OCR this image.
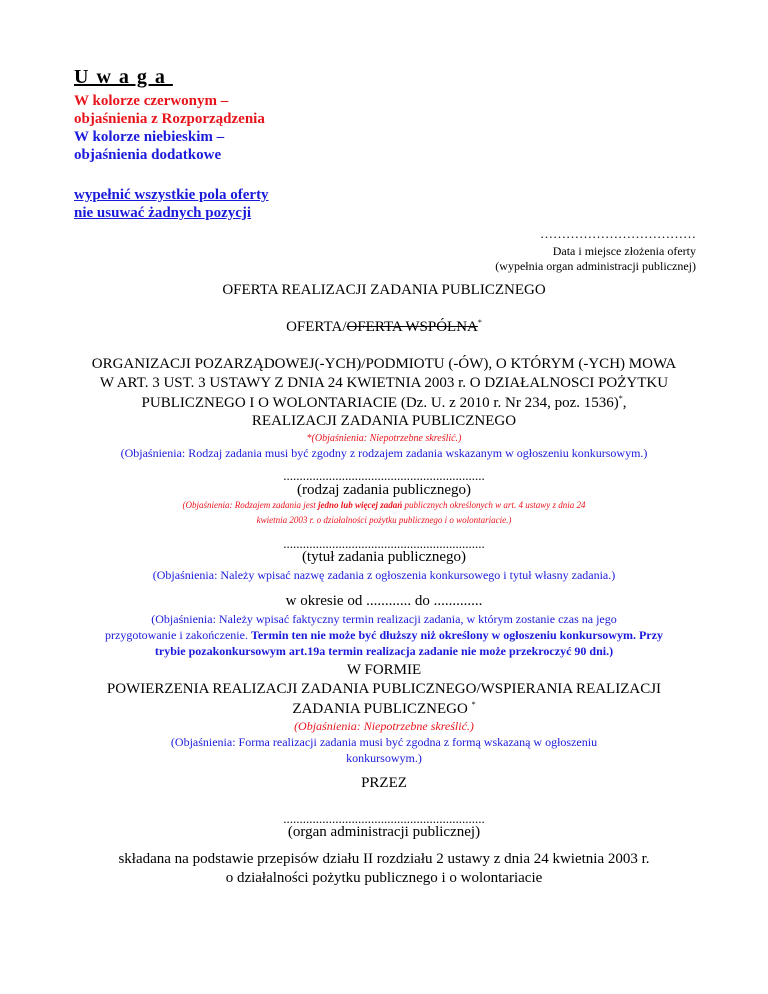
Uwaga
W kolorze czerwonym –
objaśnienia z Rozporządzenia
W kolorze niebieskim –
objaśnienia dodatkowe
wypełnić wszystkie pola oferty
nie usuwać żadnych pozycji
………………………………
Data i miejsce złożenia oferty
(wypełnia organ administracji publicznej)
OFERTA REALIZACJI ZADANIA PUBLICZNEGO
OFERTA/OFERTA WSPÓLNA*
ORGANIZACJI POZARZĄDOWEJ(-YCH)/PODMIOTU (-ÓW), O KTÓRYM (-YCH) MOWA
W ART. 3 UST. 3 USTAWY Z DNIA 24 KWIETNIA 2003 r. O DZIAŁALNOSCI POŻYTKU
PUBLICZNEGO I O WOLONTARIACIE (Dz. U. z 2010 r. Nr 234, poz. 1536)*,
REALIZACJI ZADANIA PUBLICZNEGO
*(Objaśnienia: Niepotrzebne skreślić.)
(Objaśnienia: Rodzaj zadania musi być zgodny z rodzajem zadania wskazanym w ogłoszeniu konkursowym.)
..............................................................
(rodzaj zadania publicznego)
(Objaśnienia: Rodzajem zadania jest jedno lub więcej zadań publicznych określonych w art. 4 ustawy z dnia 24
kwietnia 2003 r. o działalności pożytku publicznego i o wolontariacie.)
..............................................................
(tytuł zadania publicznego)
(Objaśnienia: Należy wpisać nazwę zadania z ogłoszenia konkursowego i tytuł własny zadania.)
w okresie od ............ do .............
(Objaśnienia: Należy wpisać faktyczny termin realizacji zadania, w którym zostanie czas na jego
przygotowanie i zakończenie. Termin ten nie może być dłuższy niż określony w ogłoszeniu konkursowym. Przy
trybie pozakonkursowym art.19a termin realizacja zadanie nie może przekroczyć 90 dni.)
W FORMIE
POWIERZENIA REALIZACJI ZADANIA PUBLICZNEGO/WSPIERANIA REALIZACJI
ZADANIA PUBLICZNEGO *
(Objaśnienia: Niepotrzebne skreślić.)
(Objaśnienia: Forma realizacji zadania musi być zgodna z formą wskazaną w ogłoszeniu
konkursowym.)
PRZEZ
..............................................................
(organ administracji publicznej)
składana na podstawie przepisów działu II rozdziału 2 ustawy z dnia 24 kwietnia 2003 r.
o działalności pożytku publicznego i o wolontariacie
